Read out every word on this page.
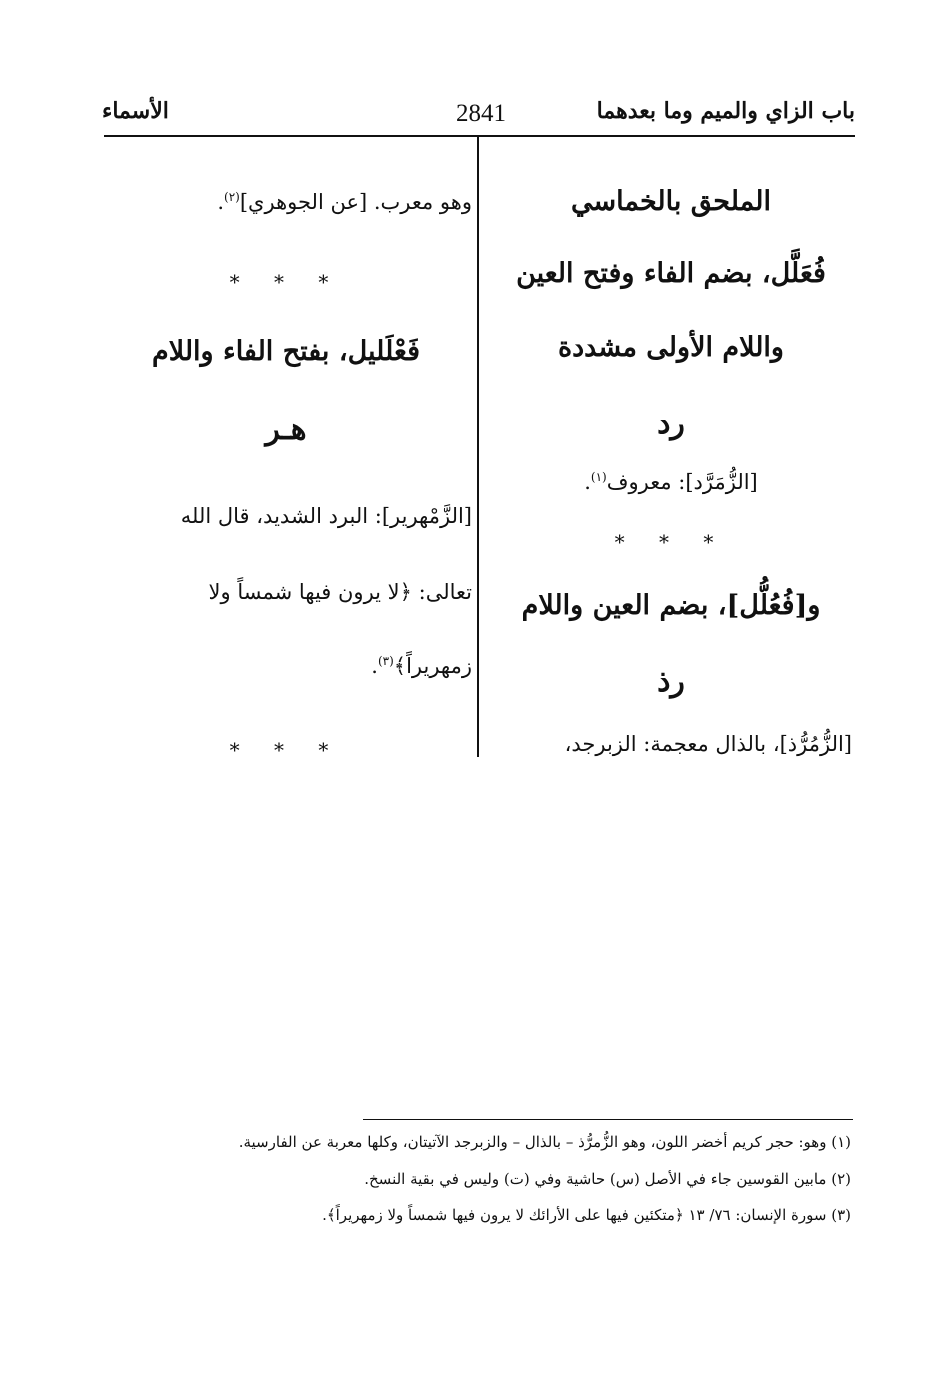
باب الزاي والميم وما بعدهما
2841
الأسماء
الملحق بالخماسي
فُعَلَّل، بضم الفاء وفتح العين
واللام الأولى مشددة
رد
[الزُّمَرَّد]: معروف$^{(١)}$.
* * *
و[فُعُلُّل]، بضم العين واللام
رذ
[الزُّمُرُّذ]، بالذال معجمة: الزبرجد،
وهو معرب. [عن الجوهري]$^{(٢)}$.
* * *
فَعْلَليل، بفتح الفاء واللام
هـر
[الزَّمْهرير]: البرد الشديد، قال الله
تعالى: ﴿لا يرون فيها شمساً ولا
زمهريراً﴾$^{(٣)}$.
* * *
(١) وهو: حجر كريم أخضر اللون، وهو الزُّمرُّذ – بالذال – والزبرجد الآتيتان، وكلها معربة عن الفارسية.
(٢) مابين القوسين جاء في الأصل (س) حاشية وفي (ت) وليس في بقية النسخ.
(٣) سورة الإنسان: ٧٦/ ١٣ ﴿متكئين فيها على الأرائك لا يرون فيها شمساً ولا زمهريراً﴾.
